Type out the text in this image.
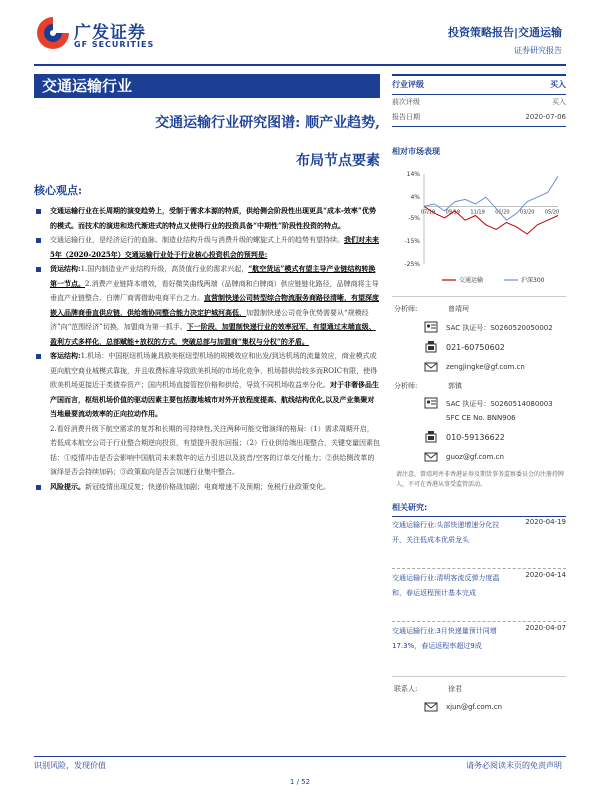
广发证券
GF SECURITIES
投资策略报告|交通运输
证券研究报告
交通运输行业
交通运输行业研究图谱: 顺产业趋势,
布局节点要素
核心观点:

交通运输行业在长周期的演变趋势上，受制于需求本源的特质，供给侧会阶段性出现更具“成本-效率”优势的模式。而技术的演进和迭代渐进式的特点又使得行业的投资具备“中期性”阶段性投资的特点。

交通运输行业，是经济运行的血脉。制造业结构升级与消费升级的螺旋式上升的趋势有望持续。我们对未来5年（2020-2025年）交通运输行业处于行业核心投资机会的预判是:

货运结构:1.国内制造业产业结构升级，高货值行业的需求兴起，“航空货运”模式有望主导产业链结构转换第一节点。2.消费产业链降本增效，看好微笑曲线两端（品牌商和白牌商）供应链链化路径，品牌商将主导垂直产业链整合、白牌厂商需借助电商平台之力。直营制快递公司转型综合物流服务商路径清晰，有望深度嵌入品牌商垂直供应链，供给端协同整合能力决定护城河高低，加盟制快递公司竞争优势需要从“规模经济”向“范围经济”切换，加盟商为第一抓手。下一阶段，加盟制快递行业的效率冠军，有望通过末端直级、盈利方式多样化，总部赋能+放权的方式，突破总部与加盟商“集权与分权”的矛盾。

客运结构:1.机场：中国枢纽机场兼具欧美枢纽型机场的规模效应和出发/到达机场的流量效应，商业模式或更向航空商业城模式靠拢，并且收费标准导致欧美机场的市场化竞争，机场群供给较多而ROIC有限，使得欧美机场更接近于类债券资产；国内机场直接管控价格和供给，导致不同机场收益率分化。对于非奢侈品生产国而言，枢纽机场价值的驱动因素主要包括腹地城市对外开放程度提高、航线结构优化,以及产业集聚对当地最要流动效率的正向拉动作用。

2.看好消费升级下航空需求的复苏和长期的可持续性,关注两种可能交错演绎的格局:（1）需求周期开启，若低成本航空公司于行业整合期逆向投资，有望提升股东回报；（2）行业供给端出现整合，关键变量因素包括：①疫情冲击是否会影响中国航司未来数年的运力引进以及波音/空客的订单交付能力；②供给侧改革的演绎是否会持续加码；③政策取向是否会加速行业集中整合。

风险提示。新冠疫情出现反复；快递价格战加剧；电商增速不及预期；免税行业政策变化。

行业评级	买入
前次评级	买入
报告日期	2020-07-06
相对市场表现
14%
4%
-5%
-15%
-25%
07/19 09/19 11/19 01/20 03/20 05/20
交通运输	沪深300
分析师:	曾靖珂
SAC 执证号：S0260520050002
021-60750602
zengjingke@gf.com.cn
分析师:	郭镇
SAC 执证号：S0260514080003
SFC CE No. BNN906
010-59136622
guoz@gf.com.cn
请注意，曾靖珂并非香港证券及期货事务监察委员会的注册持牌人，不可在香港从事受监管活动。
相关研究:
交通运输行业:头部快递增速分化拉开，关注低成本优质龙头
2020-04-19
交通运输行业:清明客流反弹力度温和，春运返程预计基本完成
2020-04-14
交通运输行业:3月快递量预计同增17.3%，春运返程率超过9成
2020-04-07
联系人:	徐君
xjun@gf.com.cn
识别风险，发现价值	请务必阅读末页的免责声明
1 / 52
